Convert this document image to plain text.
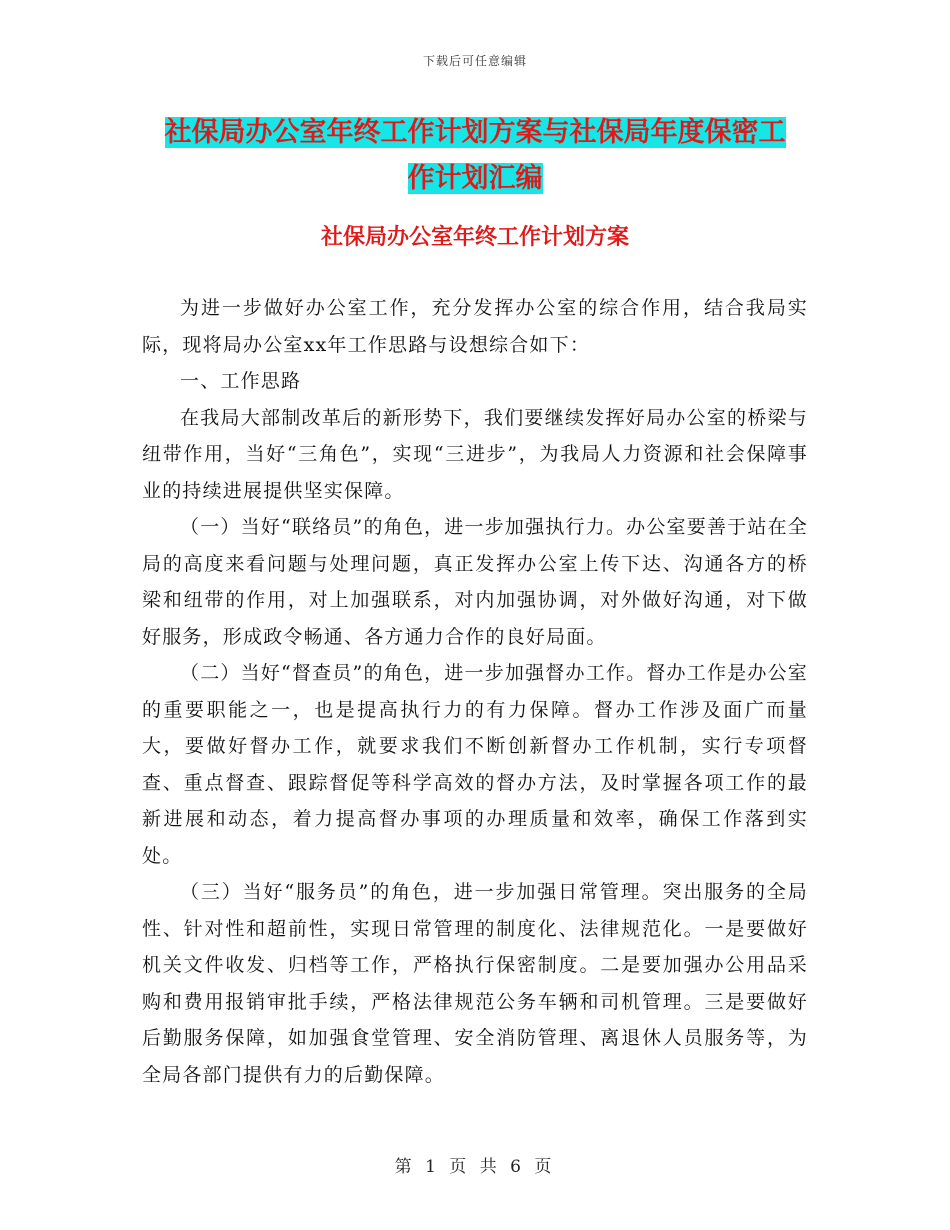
下载后可任意编辑
社保局办公室年终工作计划方案与社保局年度保密工
作计划汇编
社保局办公室年终工作计划方案

为进一步做好办公室工作，充分发挥办公室的综合作用，结合我局实际，现将局办公室xx年工作思路与设想综合如下：

一、工作思路

在我局大部制改革后的新形势下，我们要继续发挥好局办公室的桥梁与纽带作用，当好“三角色”，实现“三进步”，为我局人力资源和社会保障事业的持续进展提供坚实保障。

（一）当好“联络员”的角色，进一步加强执行力。办公室要善于站在全局的高度来看问题与处理问题，真正发挥办公室上传下达、沟通各方的桥梁和纽带的作用，对上加强联系，对内加强协调，对外做好沟通，对下做好服务，形成政令畅通、各方通力合作的良好局面。

（二）当好“督查员”的角色，进一步加强督办工作。督办工作是办公室的重要职能之一，也是提高执行力的有力保障。督办工作涉及面广而量大，要做好督办工作，就要求我们不断创新督办工作机制，实行专项督查、重点督查、跟踪督促等科学高效的督办方法，及时掌握各项工作的最新进展和动态，着力提高督办事项的办理质量和效率，确保工作落到实处。

（三）当好“服务员”的角色，进一步加强日常管理。突出服务的全局性、针对性和超前性，实现日常管理的制度化、法律规范化。一是要做好机关文件收发、归档等工作，严格执行保密制度。二是要加强办公用品采购和费用报销审批手续，严格法律规范公务车辆和司机管理。三是要做好后勤服务保障，如加强食堂管理、安全消防管理、离退休人员服务等，为全局各部门提供有力的后勤保障。

第 1 页 共 6 页
